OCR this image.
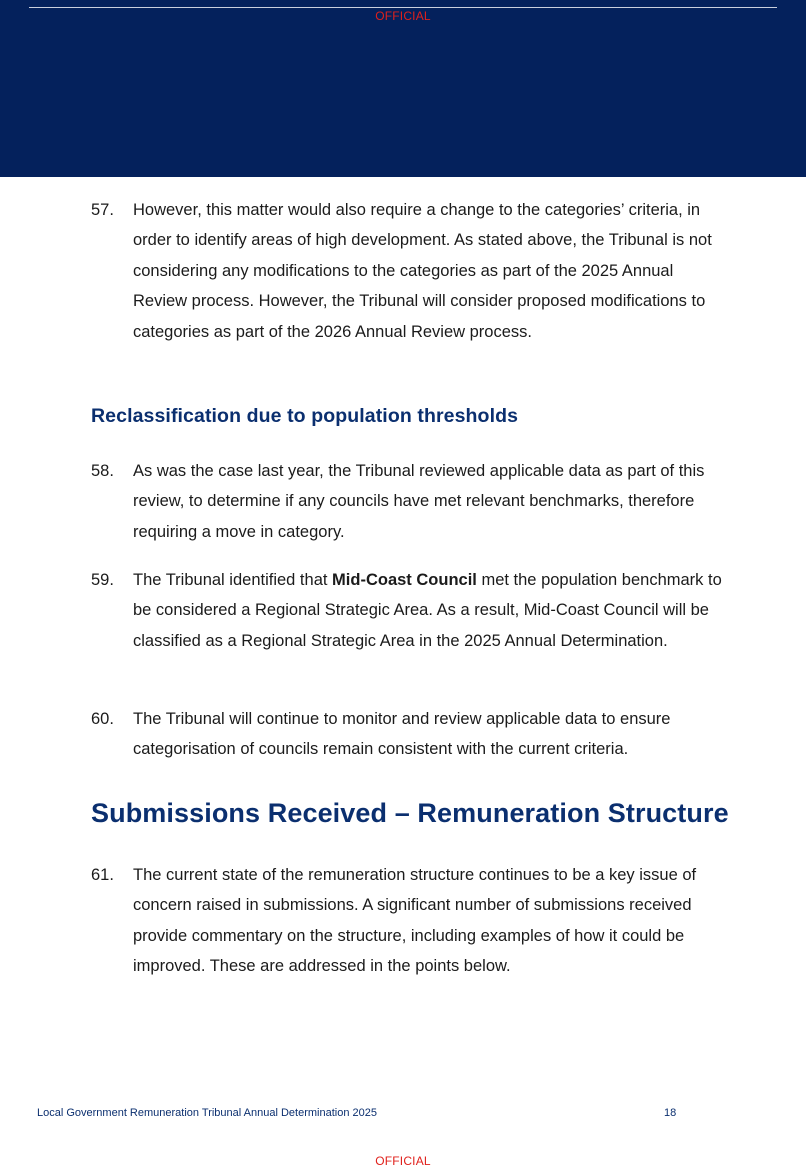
OFFICIAL
57. However, this matter would also require a change to the categories’ criteria, in order to identify areas of high development. As stated above, the Tribunal is not considering any modifications to the categories as part of the 2025 Annual Review process. However, the Tribunal will consider proposed modifications to categories as part of the 2026 Annual Review process.
Reclassification due to population thresholds
58. As was the case last year, the Tribunal reviewed applicable data as part of this review, to determine if any councils have met relevant benchmarks, therefore requiring a move in category.
59. The Tribunal identified that Mid-Coast Council met the population benchmark to be considered a Regional Strategic Area. As a result, Mid-Coast Council will be classified as a Regional Strategic Area in the 2025 Annual Determination.
60. The Tribunal will continue to monitor and review applicable data to ensure categorisation of councils remain consistent with the current criteria.
Submissions Received – Remuneration Structure
61. The current state of the remuneration structure continues to be a key issue of concern raised in submissions. A significant number of submissions received provide commentary on the structure, including examples of how it could be improved. These are addressed in the points below.
Local Government Remuneration Tribunal Annual Determination 2025	18
OFFICIAL
